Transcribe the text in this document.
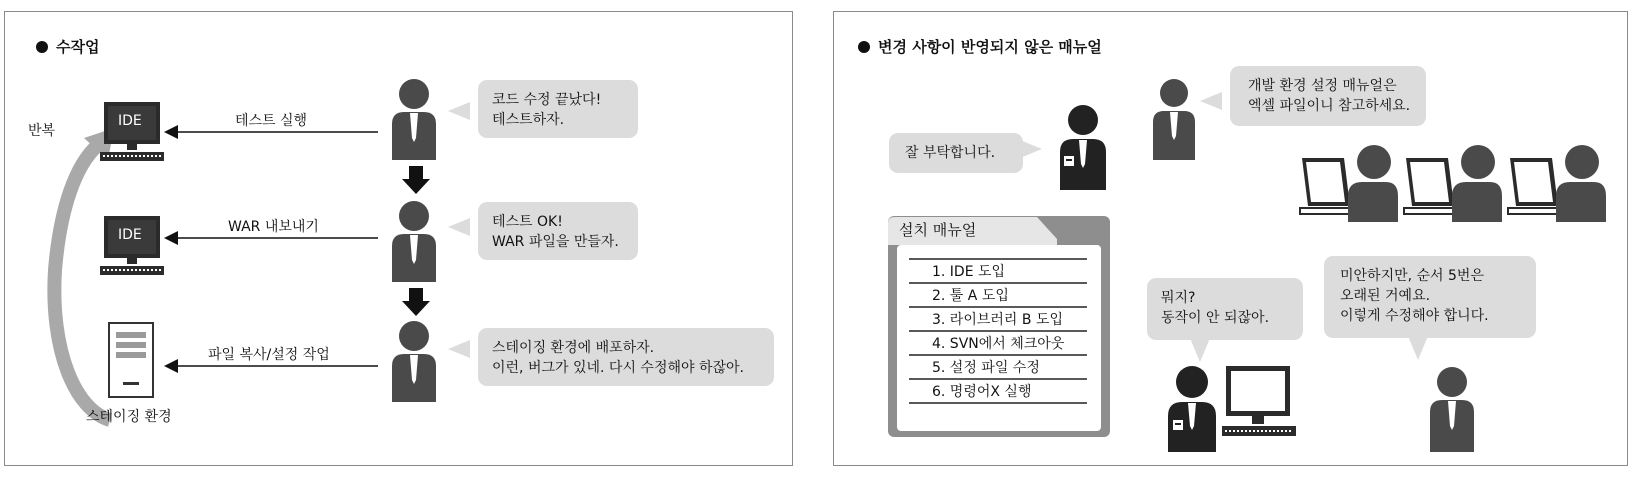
수작업
반복
IDE
IDE
스테이징 환경
테스트 실행
WAR 내보내기
파일 복사/설정 작업
코드 수정 끝났다!
테스트하자.
테스트 OK!
WAR 파일을 만들자.
스테이징 환경에 배포하자.
이런, 버그가 있네. 다시 수정해야 하잖아.
변경 사항이 반영되지 않은 매뉴얼
잘 부탁합니다.
개발 환경 설정 매뉴얼은
엑셀 파일이니 참고하세요.
설치 매뉴얼
1. IDE 도입
2. 툴 A 도입
3. 라이브러리 B 도입
4. SVN에서 체크아웃
5. 설정 파일 수정
6. 명령어X 실행
뭐지?
동작이 안 되잖아.
미안하지만, 순서 5번은
오래된 거예요.
이렇게 수정해야 합니다.
